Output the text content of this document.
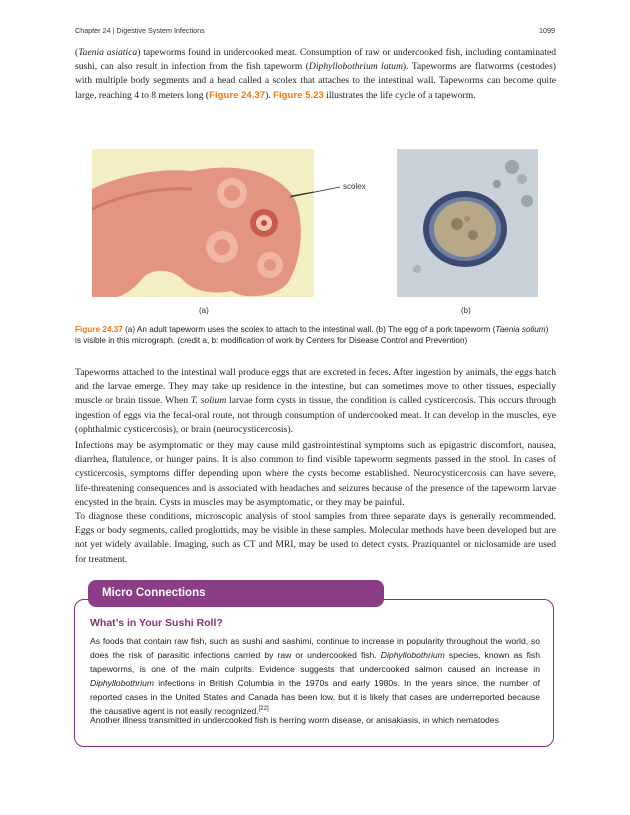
Chapter 24 | Digestive System Infections	1099

(Taenia asiatica) tapeworms found in undercooked meat. Consumption of raw or undercooked fish, including contaminated sushi, can also result in infection from the fish tapeworm (Diphyllobothrium latum). Tapeworms are flatworms (cestodes) with multiple body segments and a head called a scolex that attaches to the intestinal wall. Tapeworms can become quite large, reaching 4 to 8 meters long (Figure 24.37). Figure 5.23 illustrates the life cycle of a tapeworm.

scolex
(a)	(b)

Figure 24.37 (a) An adult tapeworm uses the scolex to attach to the intestinal wall. (b) The egg of a pork tapeworm (Taenia solium) is visible in this micrograph. (credit a, b: modification of work by Centers for Disease Control and Prevention)

Tapeworms attached to the intestinal wall produce eggs that are excreted in feces. After ingestion by animals, the eggs hatch and the larvae emerge. They may take up residence in the intestine, but can sometimes move to other tissues, especially muscle or brain tissue. When T. solium larvae form cysts in tissue, the condition is called cysticercosis. This occurs through ingestion of eggs via the fecal-oral route, not through consumption of undercooked meat. It can develop in the muscles, eye (ophthalmic cysticercosis), or brain (neurocysticercosis).

Infections may be asymptomatic or they may cause mild gastrointestinal symptoms such as epigastric discomfort, nausea, diarrhea, flatulence, or hunger pains. It is also common to find visible tapeworm segments passed in the stool. In cases of cysticercosis, symptoms differ depending upon where the cysts become established. Neurocysticercosis can have severe, life-threatening consequences and is associated with headaches and seizures because of the presence of the tapeworm larvae encysted in the brain. Cysts in muscles may be asymptomatic, or they may be painful.

To diagnose these conditions, microscopic analysis of stool samples from three separate days is generally recommended. Eggs or body segments, called proglottids, may be visible in these samples. Molecular methods have been developed but are not yet widely available. Imaging, such as CT and MRI, may be used to detect cysts. Praziquantel or niclosamide are used for treatment.

Micro Connections

What’s in Your Sushi Roll?

As foods that contain raw fish, such as sushi and sashimi, continue to increase in popularity throughout the world, so does the risk of parasitic infections carried by raw or undercooked fish. Diphyllobothrium species, known as fish tapeworms, is one of the main culprits. Evidence suggests that undercooked salmon caused an increase in Diphyllobothrium infections in British Columbia in the 1970s and early 1980s. In the years since, the number of reported cases in the United States and Canada has been low, but it is likely that cases are underreported because the causative agent is not easily recognized.[22]

Another illness transmitted in undercooked fish is herring worm disease, or anisakiasis, in which nematodes
